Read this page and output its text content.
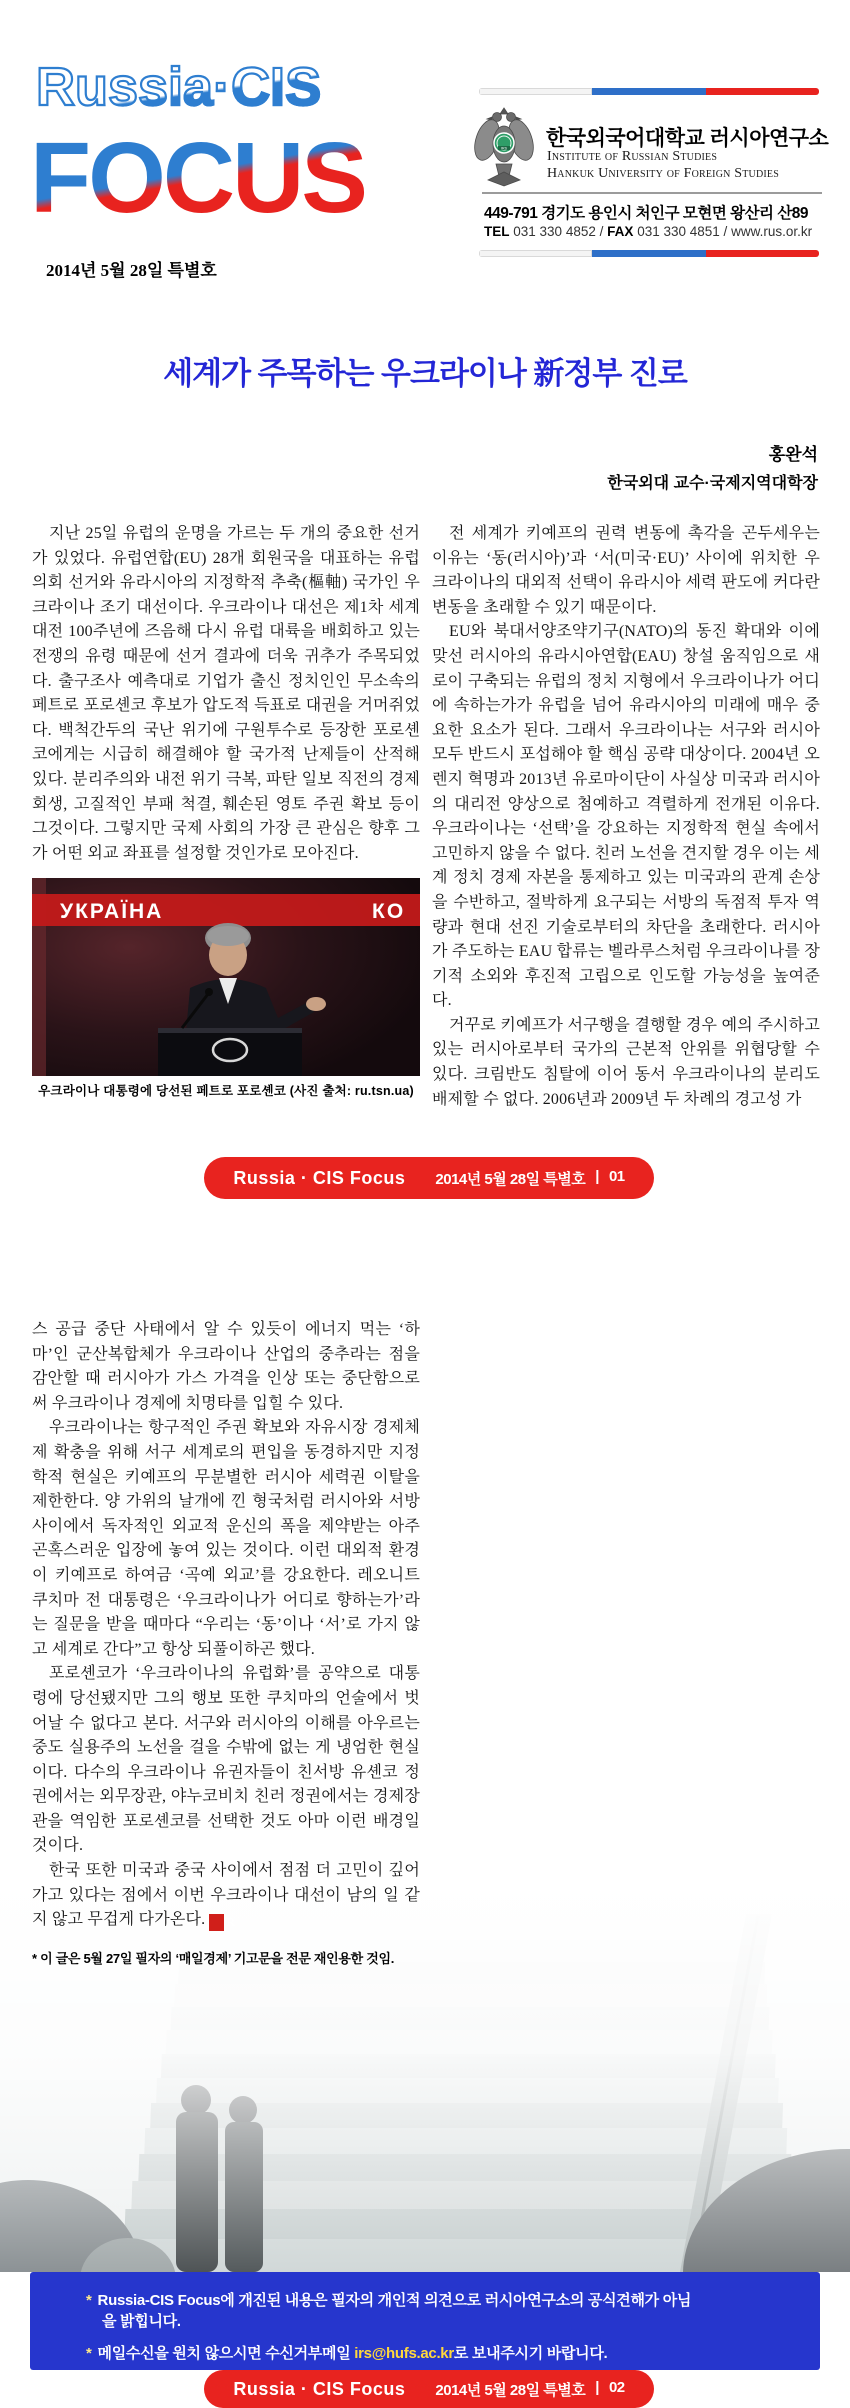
Russia·CIS
FOCUS	IRS 한국외국어대학교 러시아연구소
Institute of Russian Studies
Hankuk University of Foreign Studies
449-791 경기도 용인시 처인구 모현면 왕산리 산89
TEL 031 330 4852 / FAX 031 330 4851 / www.rus.or.kr
2014년 5월 28일 특별호
세계가 주목하는 우크라이나 新정부 진로
홍완석
한국외대 교수·국제지역대학장

지난 25일 유럽의 운명을 가르는 두 개의 중요한 선거가 있었다. 유럽연합(EU) 28개 회원국을 대표하는 유럽의회 선거와 유라시아의 지정학적 추축(樞軸) 국가인 우크라이나 조기 대선이다. 우크라이나 대선은 제1차 세계대전 100주년에 즈음해 다시 유럽 대륙을 배회하고 있는 전쟁의 유령 때문에 선거 결과에 더욱 귀추가 주목되었다. 출구조사 예측대로 기업가 출신 정치인인 무소속의 페트로 포로셴코 후보가 압도적 득표로 대권을 거머쥐었다. 백척간두의 국난 위기에 구원투수로 등장한 포로셴코에게는 시급히 해결해야 할 국가적 난제들이 산적해 있다. 분리주의와 내전 위기 극복, 파탄 일보 직전의 경제 회생, 고질적인 부패 척결, 훼손된 영토 주권 확보 등이 그것이다. 그렇지만 국제 사회의 가장 큰 관심은 향후 그가 어떤 외교 좌표를 설정할 것인가로 모아진다.

УКРАЇНА	КО
우크라이나 대통령에 당선된 페트로 포로셴코 (사진 출처: ru.tsn.ua)

전 세계가 키예프의 권력 변동에 촉각을 곤두세우는 이유는 ‘동(러시아)’과 ‘서(미국·EU)’ 사이에 위치한 우크라이나의 대외적 선택이 유라시아 세력 판도에 커다란 변동을 초래할 수 있기 때문이다.

EU와 북대서양조약기구(NATO)의 동진 확대와 이에 맞선 러시아의 유라시아연합(EAU) 창설 움직임으로 새로이 구축되는 유럽의 정치 지형에서 우크라이나가 어디에 속하는가가 유럽을 넘어 유라시아의 미래에 매우 중요한 요소가 된다. 그래서 우크라이나는 서구와 러시아 모두 반드시 포섭해야 할 핵심 공략 대상이다. 2004년 오렌지 혁명과 2013년 유로마이단이 사실상 미국과 러시아의 대리전 양상으로 첨예하고 격렬하게 전개된 이유다. 우크라이나는 ‘선택’을 강요하는 지정학적 현실 속에서 고민하지 않을 수 없다. 친러 노선을 견지할 경우 이는 세계 정치 경제 자본을 통제하고 있는 미국과의 관계 손상을 수반하고, 절박하게 요구되는 서방의 독점적 투자 역량과 현대 선진 기술로부터의 차단을 초래한다. 러시아가 주도하는 EAU 합류는 벨라루스처럼 우크라이나를 장기적 소외와 후진적 고립으로 인도할 가능성을 높여준다.

거꾸로 키예프가 서구행을 결행할 경우 예의 주시하고 있는 러시아로부터 국가의 근본적 안위를 위협당할 수 있다. 크림반도 침탈에 이어 동서 우크라이나의 분리도 배제할 수 없다. 2006년과 2009년 두 차례의 경고성 가

Russia · CIS Focus 2014년 5월 28일 특별호 | 01

스 공급 중단 사태에서 알 수 있듯이 에너지 먹는 ‘하마’인 군산복합체가 우크라이나 산업의 중추라는 점을 감안할 때 러시아가 가스 가격을 인상 또는 중단함으로써 우크라이나 경제에 치명타를 입힐 수 있다.

우크라이나는 항구적인 주권 확보와 자유시장 경제체제 확충을 위해 서구 세계로의 편입을 동경하지만 지정학적 현실은 키예프의 무분별한 러시아 세력권 이탈을 제한한다. 양 가위의 날개에 낀 형국처럼 러시아와 서방 사이에서 독자적인 외교적 운신의 폭을 제약받는 아주 곤혹스러운 입장에 놓여 있는 것이다. 이런 대외적 환경이 키예프로 하여금 ‘곡예 외교’를 강요한다. 레오니트 쿠치마 전 대통령은 ‘우크라이나가 어디로 향하는가’라는 질문을 받을 때마다 “우리는 ‘동’이나 ‘서’로 가지 않고 세계로 간다”고 항상 되풀이하곤 했다.

포로셴코가 ‘우크라이나의 유럽화’를 공약으로 대통령에 당선됐지만 그의 행보 또한 쿠치마의 언술에서 벗어날 수 없다고 본다. 서구와 러시아의 이해를 아우르는 중도 실용주의 노선을 걸을 수밖에 없는 게 냉엄한 현실이다. 다수의 우크라이나 유권자들이 친서방 유셴코 정권에서는 외무장관, 야누코비치 친러 정권에서는 경제장관을 역임한 포로셴코를 선택한 것도 아마 이런 배경일 것이다.

한국 또한 미국과 중국 사이에서 점점 더 고민이 깊어 가고 있다는 점에서 이번 우크라이나 대선이 남의 일 같지 않고 무겁게 다가온다. R

* 이 글은 5월 27일 필자의 ‘매일경제’ 기고문을 전문 재인용한 것임.
* Russia-CIS Focus에 개진된 내용은 필자의 개인적 의견으로 러시아연구소의 공식견해가 아님을 밝힙니다.
* 메일수신을 원치 않으시면 수신거부메일 irs@hufs.ac.kr로 보내주시기 바랍니다.
Russia · CIS Focus 2014년 5월 28일 특별호 | 02
